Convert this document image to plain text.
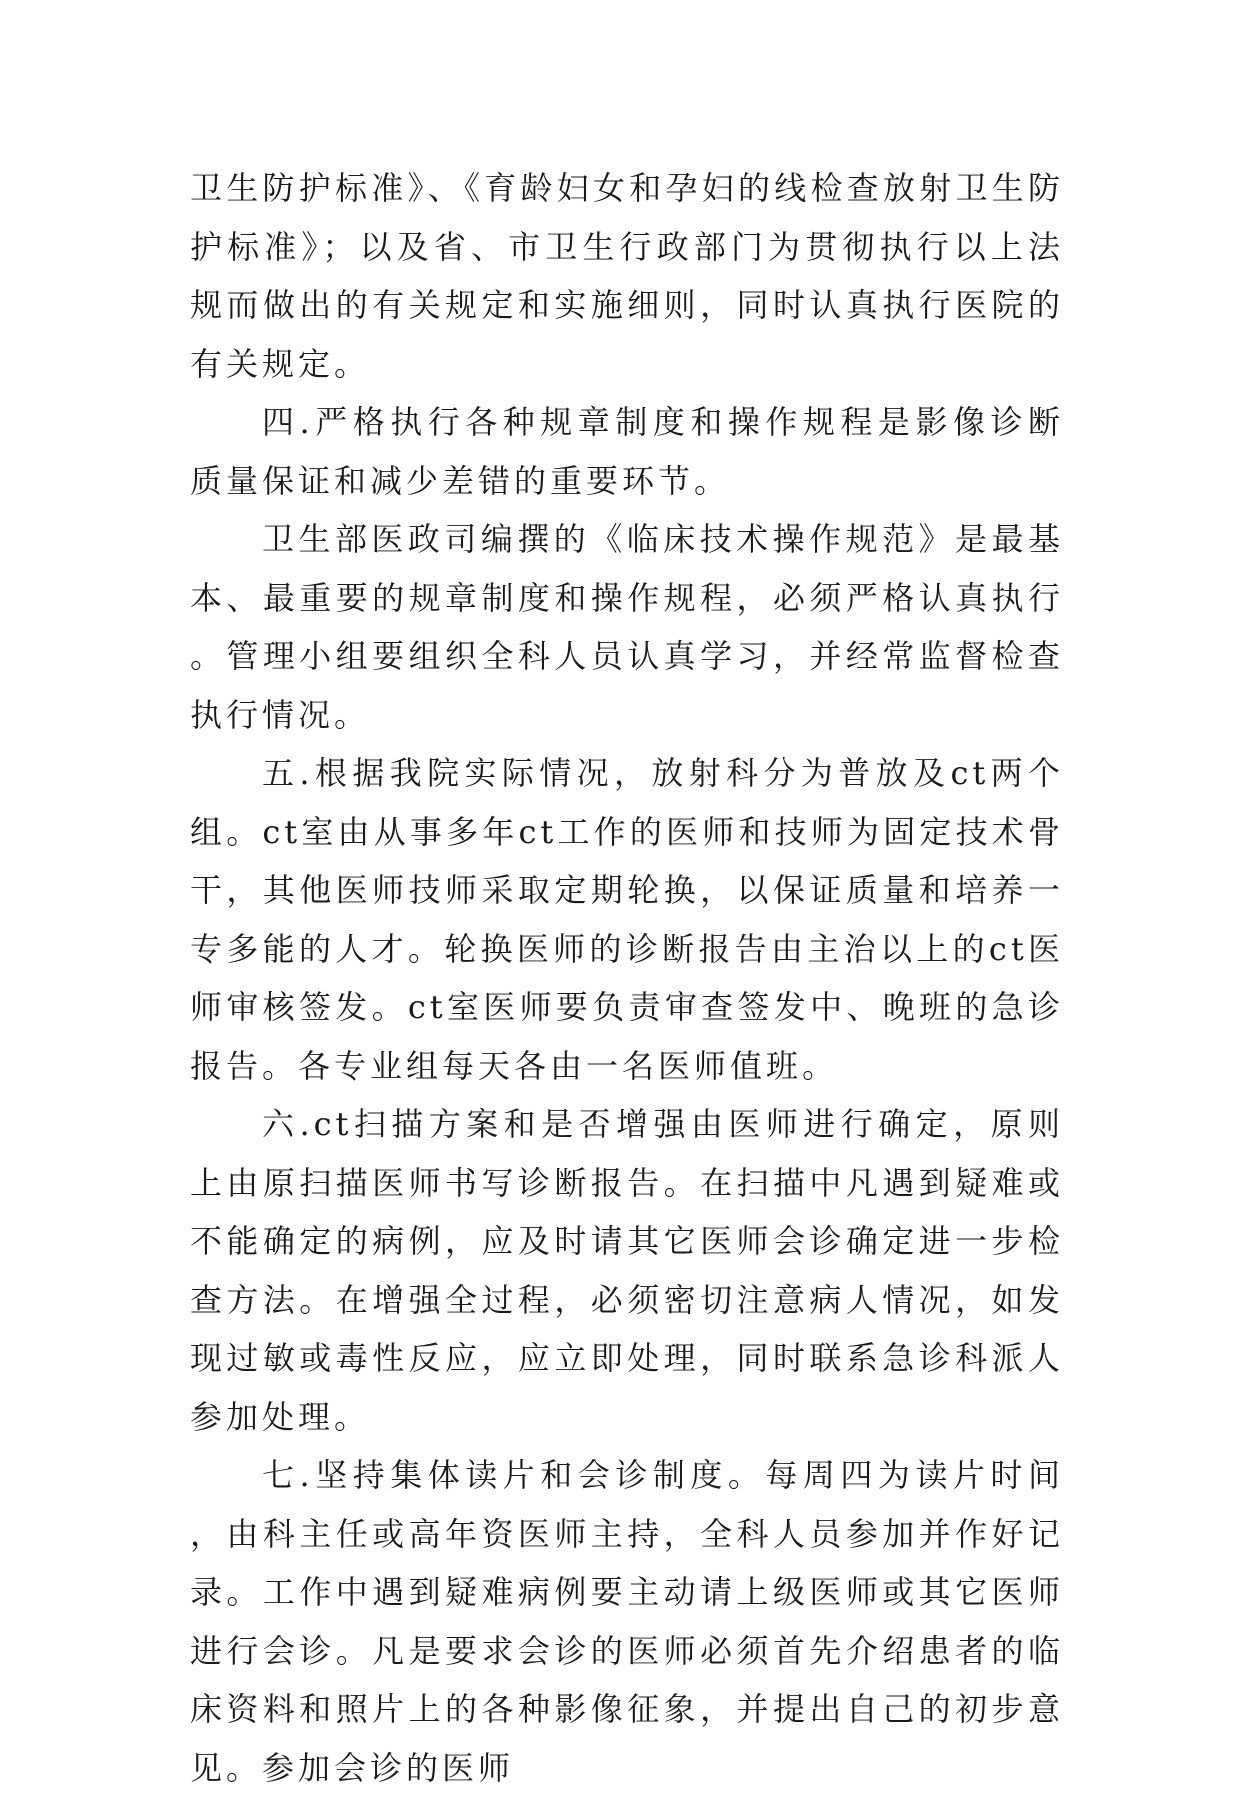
卫生防护标准》、《育龄妇女和孕妇的线检查放射卫生防护标准》；以及省、市卫生行政部门为贯彻执行以上法规而做出的有关规定和实施细则，同时认真执行医院的有关规定。

四.严格执行各种规章制度和操作规程是影像诊断质量保证和减少差错的重要环节。

卫生部医政司编撰的《临床技术操作规范》是最基本、最重要的规章制度和操作规程，必须严格认真执行。管理小组要组织全科人员认真学习，并经常监督检查执行情况。

五.根据我院实际情况，放射科分为普放及ct两个组。ct室由从事多年ct工作的医师和技师为固定技术骨干，其他医师技师采取定期轮换，以保证质量和培养一专多能的人才。轮换医师的诊断报告由主治以上的ct医师审核签发。ct室医师要负责审查签发中、晚班的急诊报告。各专业组每天各由一名医师值班。

六.ct扫描方案和是否增强由医师进行确定，原则上由原扫描医师书写诊断报告。在扫描中凡遇到疑难或不能确定的病例，应及时请其它医师会诊确定进一步检查方法。在增强全过程，必须密切注意病人情况，如发现过敏或毒性反应，应立即处理，同时联系急诊科派人参加处理。

七.坚持集体读片和会诊制度。每周四为读片时间，由科主任或高年资医师主持，全科人员参加并作好记录。工作中遇到疑难病例要主动请上级医师或其它医师进行会诊。凡是要求会诊的医师必须首先介绍患者的临床资料和照片上的各种影像征象，并提出自己的初步意见。参加会诊的医师
